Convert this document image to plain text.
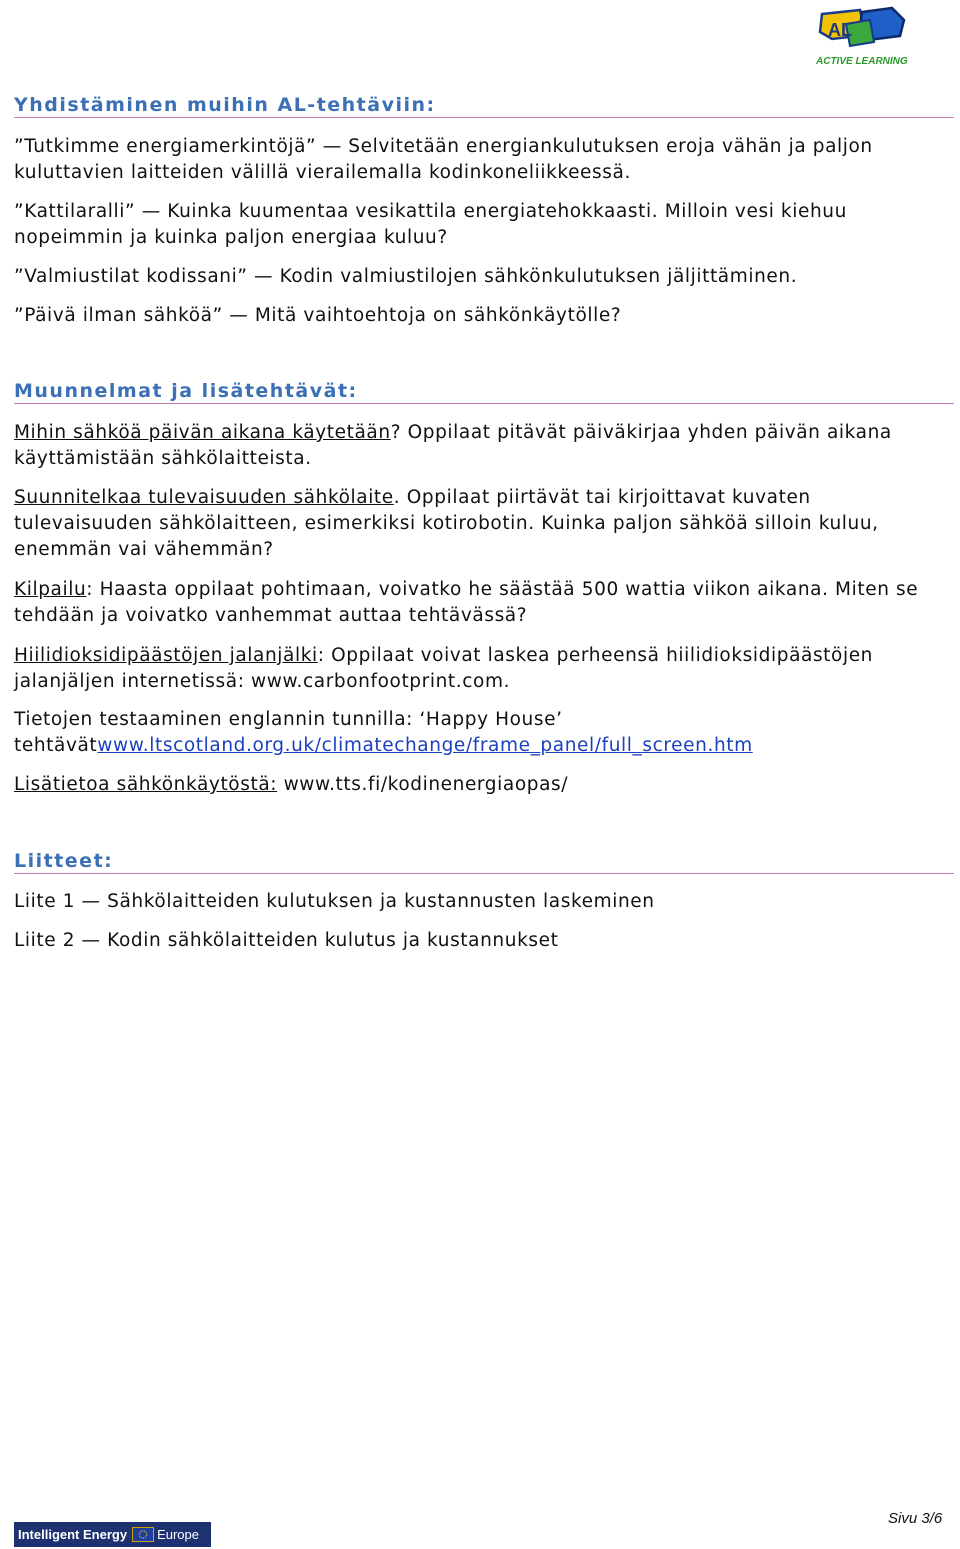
AL
ACTIVE LEARNING
Yhdistäminen muihin AL-tehtäviin:

”Tutkimme energiamerkintöjä” — Selvitetään energiankulutuksen eroja vähän ja paljon kuluttavien laitteiden välillä vierailemalla kodinkoneliikkeessä.

”Kattilaralli” — Kuinka kuumentaa vesikattila energiatehokkaasti. Milloin vesi kiehuu nopeimmin ja kuinka paljon energiaa kuluu?

”Valmiustilat kodissani” — Kodin valmiustilojen sähkönkulutuksen jäljittäminen.

”Päivä ilman sähköä” — Mitä vaihtoehtoja on sähkönkäytölle?

Muunnelmat ja lisätehtävät:

Mihin sähköä päivän aikana käytetään? Oppilaat pitävät päiväkirjaa yhden päivän aikana käyttämistään sähkölaitteista.

Suunnitelkaa tulevaisuuden sähkölaite. Oppilaat piirtävät tai kirjoittavat kuvaten tulevaisuuden sähkölaitteen, esimerkiksi kotirobotin. Kuinka paljon sähköä silloin kuluu, enemmän vai vähemmän?

Kilpailu: Haasta oppilaat pohtimaan, voivatko he säästää 500 wattia viikon aikana. Miten se tehdään ja voivatko vanhemmat auttaa tehtävässä?

Hiilidioksidipäästöjen jalanjälki: Oppilaat voivat laskea perheensä hiilidioksidipäästöjen jalanjäljen internetissä: www.carbonfootprint.com.

Tietojen testaaminen englannin tunnilla: ‘Happy House’ tehtävätwww.ltscotland.org.uk/climatechange/frame_panel/full_screen.htm

Lisätietoa sähkönkäytöstä: www.tts.fi/kodinenergiaopas/

Liitteet:

Liite 1 — Sähkölaitteiden kulutuksen ja kustannusten laskeminen

Liite 2 — Kodin sähkölaitteiden kulutus ja kustannukset

Intelligent Energy Europe
Sivu 3/6
